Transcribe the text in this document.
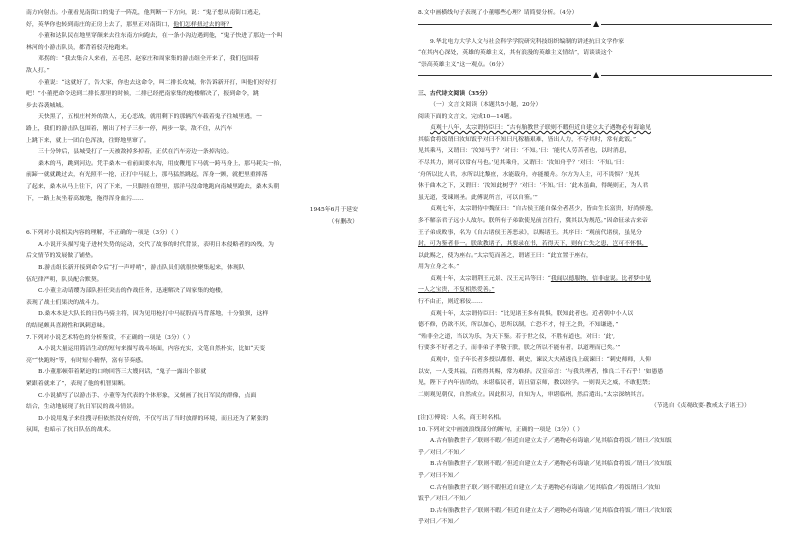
南方向射击。小董看见南街口的鬼子一阵乱，他判断一下方向，说：“鬼子想从南街口逃走，
好，英华你也转到南庄的正房上去了，那里正对南街口，他们怎样扭过去的呀？
小董和达队民在地里穿颠来去往东南方向跑去，在一条小沟边遇到他，“鬼子快进了那边一个叫
林河的小游击队员，都背着驳壳枪跑来。
邓拐的：“我去集合人来看，五毛营、赵家庄和周家集的游击组全开来了，我们包围着
敌人打。”
小董说：“这就好了，告大家，你也去这命令，叫二排长攻城，你告诉新开打，叫他们好好打
吧！”小董把命令送到二排长那里的时候，二排已经把南家集的炮楼解决了，报到命令，跳
步去吞袭城城。
天快黑了，五根庄村外的敌人，无心恋战，就用剩下的那辆汽车载着鬼子往城里逃，一
路上，我们的游击队包围着，刚出了村子三步一停，两步一靠，敌不住，从汽车
上跳下来，就上一团白色浑浊，往野地里窜了。
三十分钟后，县城受打了一天被敌掉多掉着，正伏在汽车旁边一条掉沟边。
桑木的马，跳到河边。凭手桑木一看前面要水沟，用皮鞭甩下马就一跨马身上，那马耗尖一抬，
前蹄一就就跳过去，有光照半一抢，正打中马屁上，那马猛然跳起，浑身一颤，就把里重摔落
了起来，桑木从马上往下，闪了下来，一只脚挂在镫里，那洋马没命地跑向南城里跑去，桑木头朝
下，一路上灰坐着高坡地，拖得浑身血污……
1945年6月于延安
（有删改）
6.下列对小说相关内容的理解，不正确的一项是（3分）（ ）
A.小说开头描写鬼子进村失势的运动，交代了故事的时代背景，表明日本侵略者的凶残，为
后文情节的发展做了铺垫。
B.游击组长新开接到命令后“打一声呼哨”，游击队员们就很快聚集起来，体现队
伍纪律严明，队员配合默契。
C.小董主动请缨为部队担任突击的作战任务，迅速解决了周家集的炮楼，
表现了战士们果决的战斗力。
D.桑木本是大队长的日伪马骑主将，因为见用枪打中马屁股而马背落地，十分狼狈，这样
的结尾颇具喜剧性和讽刺意味。
7.下列对小说艺术特色的分析鉴赏，不正确的一项是（3分）（ ）
A.小说大量运用简洁生动的短句来描写战斗场面，内容充实，文笔自然朴实，比如“天变
亮”“快跑呀”等，有时短小精悍，富有节奏感。
B.小董那顿带着紧迫的口吻回答三大嫂问话，“鬼子一露出个影就
紧跟着就来了”，表现了他的机智果断。
C.小说描写了以游击手、小董等为代表的个体形象，又刻画了抗日军民的群像，点面
结合，生动地展现了抗日军民的战斗情景。
D.小说用鬼子来往搜寻但依然没有好的，不仅写出了当时放群的环境，而且还为了紧张的
氛围，也暗示了抗日队伍的战术。
8.文中画横线句子表现了小董哪些心理？请简要分析。（4分）
▲
9.华北电力大学人文与社会科学学院研究科技组织编制的讲述抗日文学作家
“在其内心深处，英雄的英雄主义，其有浪漫的英雄主义情结”，请谈谈这个
“崇高英雄主义”这一观点。（6分）
▲
三、古代诗文阅读（35分）
（一）文言文阅读（本题共5小题，20分）
阅读下面的文言文，完成10—14题。
贞观十八年，太宗谓侍臣曰：“古有胎教世子联则不暇但近自建立太子遇物必有诲谕见
其临食将饭谓曰汝知饭乎对曰不知曰凡稼穑艰难，皆出人力，不夺其时，常有此饭。”
见其乘马，又谓曰：‘汝知马乎？’对曰：‘不知。’曰：‘能代人劳苦者也，以时消息，
不尽其力，则可以常有马也。’见其乘舟，又谓曰：‘汝知舟乎？’对曰：‘不知。’曰：
‘舟所以比人君，水所以比黎庶，水能载舟，亦能覆舟。尔方为人主，可不畏惧？’见其
休于曲木之下，又谓曰：‘汝知此树乎？’对曰：‘不知。’曰：‘此木虽曲，得绳则正，为人君
虽无道，受谏则圣。此傅说所言，可以自鉴。’”
贞观七年，太宗谓侍中魏征曰：“自古侯王能自保全者甚少，皆由生长富贵，好尚骄逸，
多不解亲君子远小人故尔。朕所有子弟欲使见前言往行，冀其以为规范。”因命征录古来帝
王子弟成败事，名为《自古诸侯王善恶录》，以赐诸王。其序曰：“观前代诸侯，虽见分
封，可为鉴者非一。朕欲教诸子，其要录在书，若得天下，则有亡失之患，岂可不怀惧，
以此赐之，使为座右。”太宗览而善之，谓诸王曰：“此宜置于座右，
用为立身之本。”
贞观十年，太宗谓荆王元景、汉王元昌等曰：“我闻以德服物，信非虚说。比者梦中见
一人之宝贵，不复相然爱善。”
行不由正，则近邪佞……
贞观十年，太宗谓侍臣曰：“比见诸王多有畏惧，朕知此者也。近者朝中小人以
德不修，仍欲不厌，所以加心，思所以制，亡恐不才，恃王之贵，不知谦逊，”
“殆非全之道，当以为乐，为天下鉴。若于世之仪，不胜有道也，对曰：‘此',
行要多不好者之子，而非弟子孝敬于朕，朕之所以不能有者，以道理而已矣。’”
贞观中，皇子年长者多授以都督、刺史，谏议大夫褚遂良上疏谏曰：“刺史师师，人仰
以安，一人受其福，百姓得其赐，常为难择。汉宣帝言：‘与我共理者，惟良二千石乎！’如愚愚
见，陛下子内年齿尚幼，未堪临民者，请且留京师，教以经学。一则畏天之威，不敢犯禁；
二则观见朝仪，自然成立。因此积习，自知为人，审堪临州，然后遣出。”太宗深纳其言。
（节选自《贞观政要·教戒太子诸王》）
[注]①傅说：人名，商王时名相。
10.下列对文中画波浪线部分的断句，正确的一项是（3分）（ ）
A.古有胎教世子／联则不暇／但近自建立太子／遇物必有诲谕／见其临食将饭／谓曰／汝知饭
乎／对曰／不知／
B.古有胎教世子／联则不暇／但近自建立太子／遇物必有诲谕／见其临食将饭／谓曰／汝知饭
乎／对曰不知／
C.古有胎教世子联／则不暇但近自建立／太子遇物必有诲谕／见其临食／将饭谓曰／汝知
饭乎／对曰／不知／
D.古有胎教世子／联则不暇／但近自建立太子／遇物必有诲谕／见其临食将饭／谓曰／汝知饭
乎对曰／不知／
